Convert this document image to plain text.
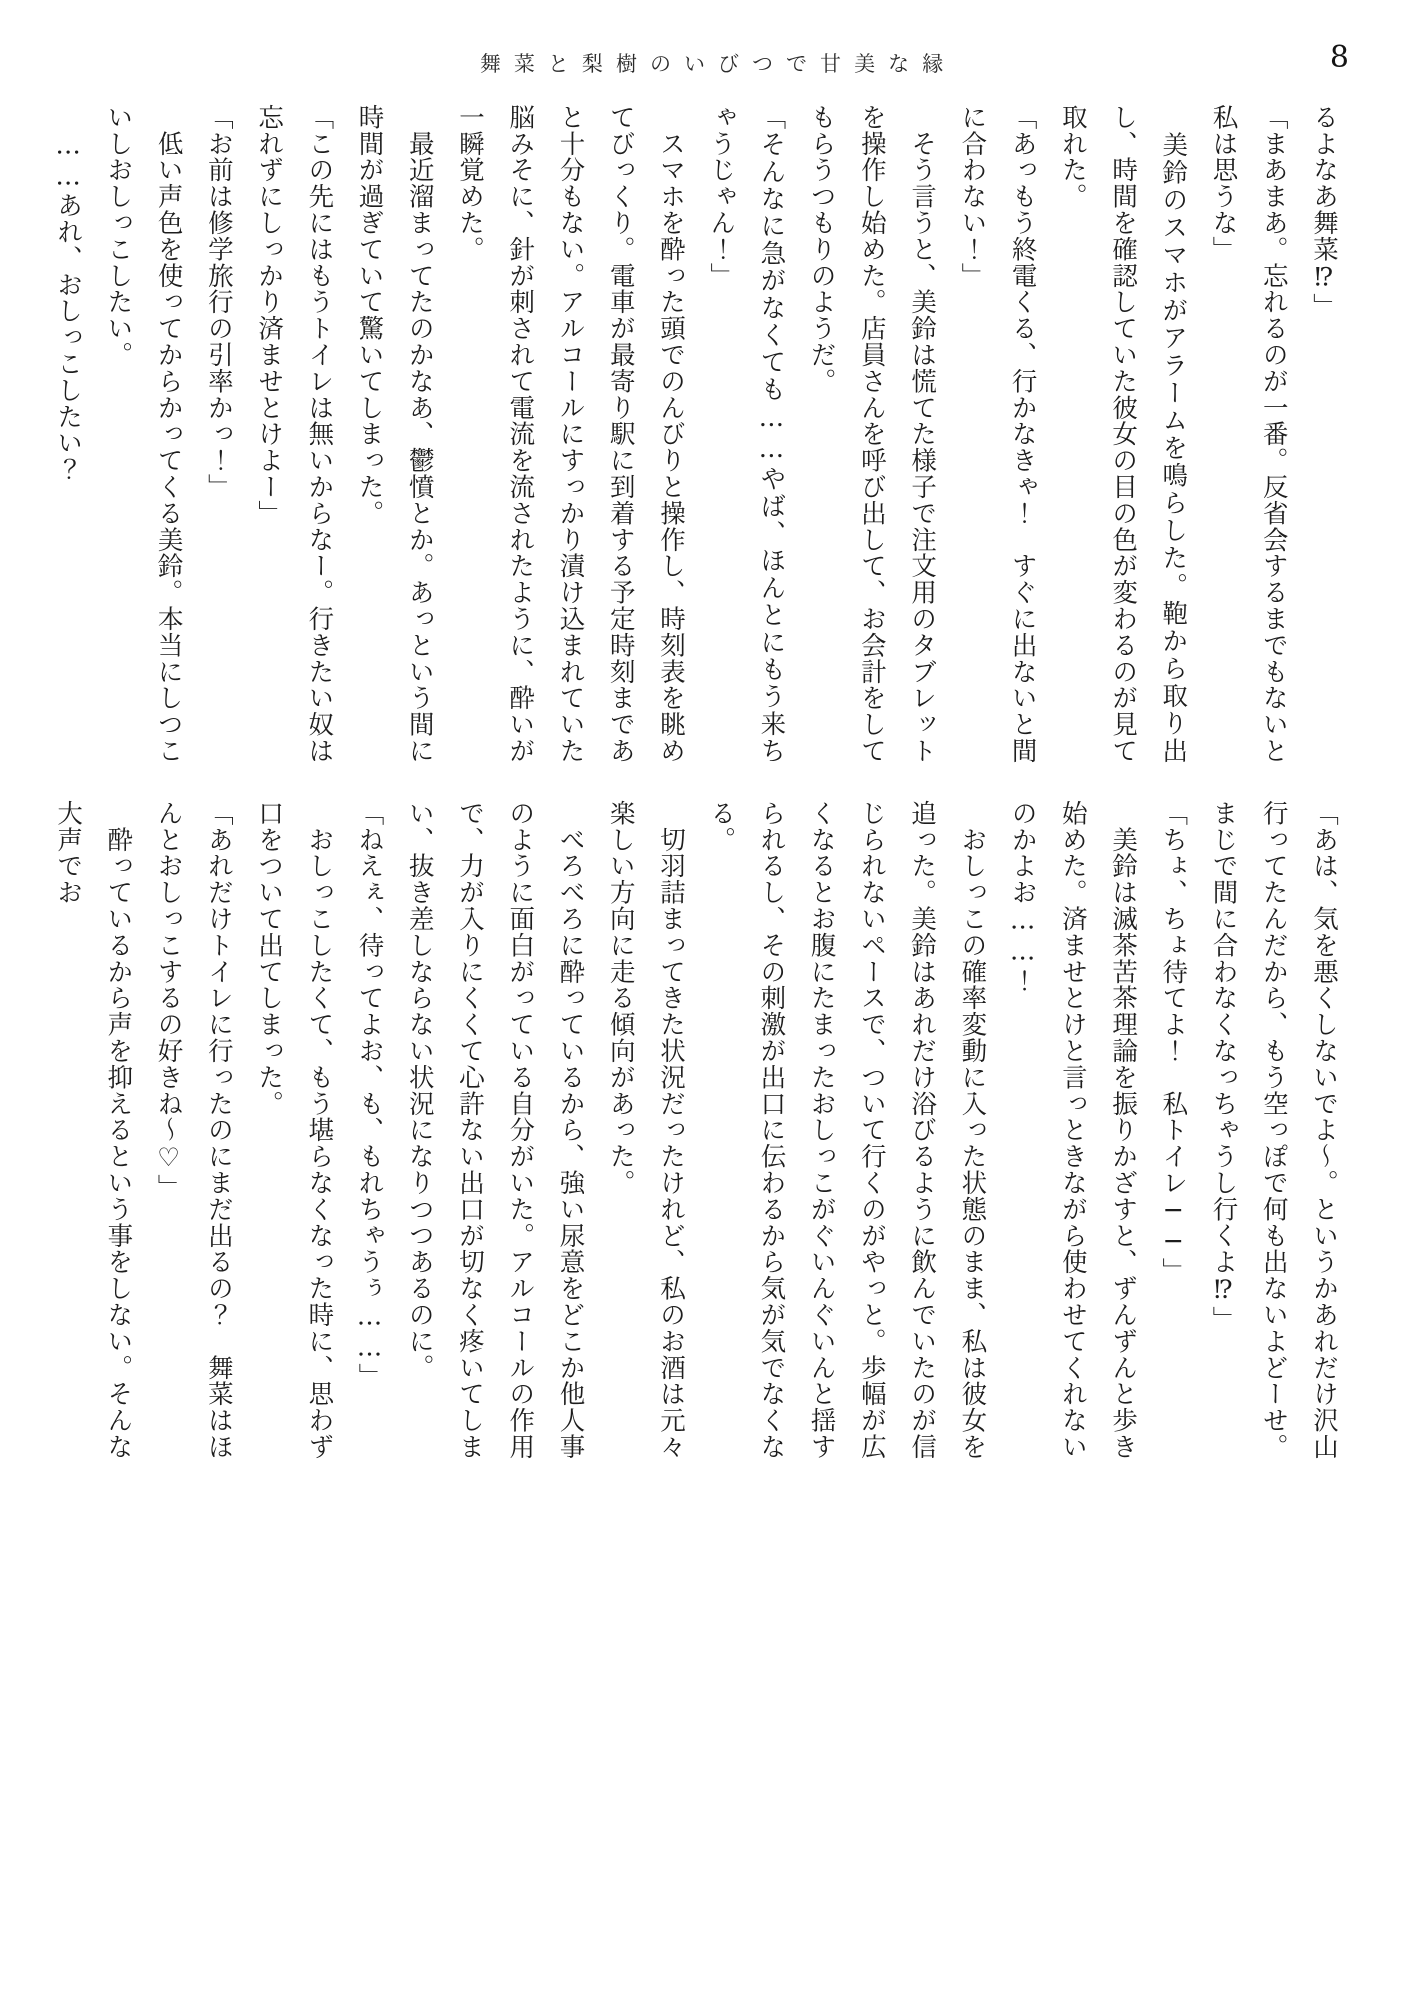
舞菜と梨樹のいびつで甘美な縁	8

るよなあ舞菜⁉」

「まあまあ。忘れるのが一番。反省会するまでもないと私は思うな」

　美鈴のスマホがアラームを鳴らした。鞄から取り出し、時間を確認していた彼女の目の色が変わるのが見て取れた。

「あっもう終電くる、行かなきゃ！　すぐに出ないと間に合わない！」

　そう言うと、美鈴は慌てた様子で注文用のタブレットを操作し始めた。店員さんを呼び出して、お会計をしてもらうつもりのようだ。

「そんなに急がなくても……やば、ほんとにもう来ちゃうじゃん！」

　スマホを酔った頭でのんびりと操作し、時刻表を眺めてびっくり。電車が最寄り駅に到着する予定時刻まであと十分もない。アルコールにすっかり漬け込まれていた脳みそに、針が刺されて電流を流されたように、酔いが一瞬覚めた。

　最近溜まってたのかなあ、鬱憤とか。あっという間に時間が過ぎていて驚いてしまった。

「この先にはもうトイレは無いからなー。行きたい奴は忘れずにしっかり済ませとけよー」

「お前は修学旅行の引率かっ！」

　低い声色を使ってからかってくる美鈴。本当にしつこいしおしっこしたい。

　……あれ、おしっこしたい？

「あは、気を悪くしないでよ～。というかあれだけ沢山行ってたんだから、もう空っぽで何も出ないよどーせ。まじで間に合わなくなっちゃうし行くよ⁉」

「ちょ、ちょ待てよ！　私トイレ──」

　美鈴は滅茶苦茶理論を振りかざすと、ずんずんと歩き始めた。済ませとけと言っときながら使わせてくれないのかよお……！

　おしっこの確率変動に入った状態のまま、私は彼女を追った。美鈴はあれだけ浴びるように飲んでいたのが信じられないペースで、ついて行くのがやっと。歩幅が広くなるとお腹にたまったおしっこがぐいんぐいんと揺すられるし、その刺激が出口に伝わるから気が気でなくなる。

　切羽詰まってきた状況だったけれど、私のお酒は元々楽しい方向に走る傾向があった。

　べろべろに酔っているから、強い尿意をどこか他人事のように面白がっている自分がいた。アルコールの作用で、力が入りにくくて心許ない出口が切なく疼いてしまい、抜き差しならない状況になりつつあるのに。

「ねえぇ、待ってよお、も、もれちゃうぅ……」

　おしっこしたくて、もう堪らなくなった時に、思わず口をついて出てしまった。

「あれだけトイレに行ったのにまだ出るの？　舞菜はほんとおしっこするの好きね～♡」

　酔っているから声を抑えるという事をしない。そんな大声でお
